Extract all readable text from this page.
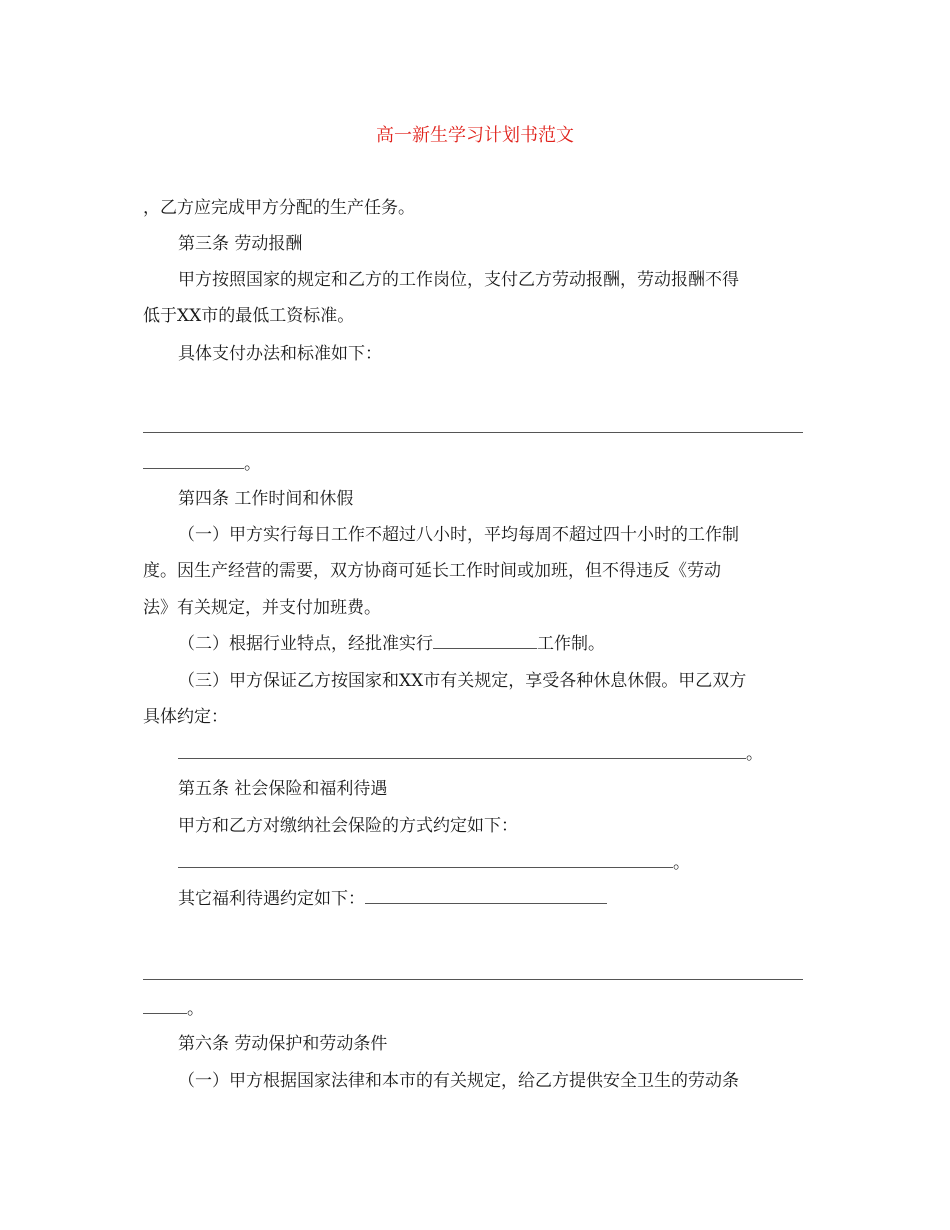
高一新生学习计划书范文
，乙方应完成甲方分配的生产任务。
第三条 劳动报酬
甲方按照国家的规定和乙方的工作岗位，支付乙方劳动报酬，劳动报酬不得
低于XX市的最低工资标准。
具体支付办法和标准如下：
。
第四条 工作时间和休假
（一）甲方实行每日工作不超过八小时，平均每周不超过四十小时的工作制
度。因生产经营的需要，双方协商可延长工作时间或加班，但不得违反《劳动
法》有关规定，并支付加班费。
（二）根据行业特点，经批准实行	工作制。
（三）甲方保证乙方按国家和XX市有关规定，享受各种休息休假。甲乙双方
具体约定：
。
第五条 社会保险和福利待遇
甲方和乙方对缴纳社会保险的方式约定如下：
。
其它福利待遇约定如下：
。
第六条 劳动保护和劳动条件
（一）甲方根据国家法律和本市的有关规定，给乙方提供安全卫生的劳动条
